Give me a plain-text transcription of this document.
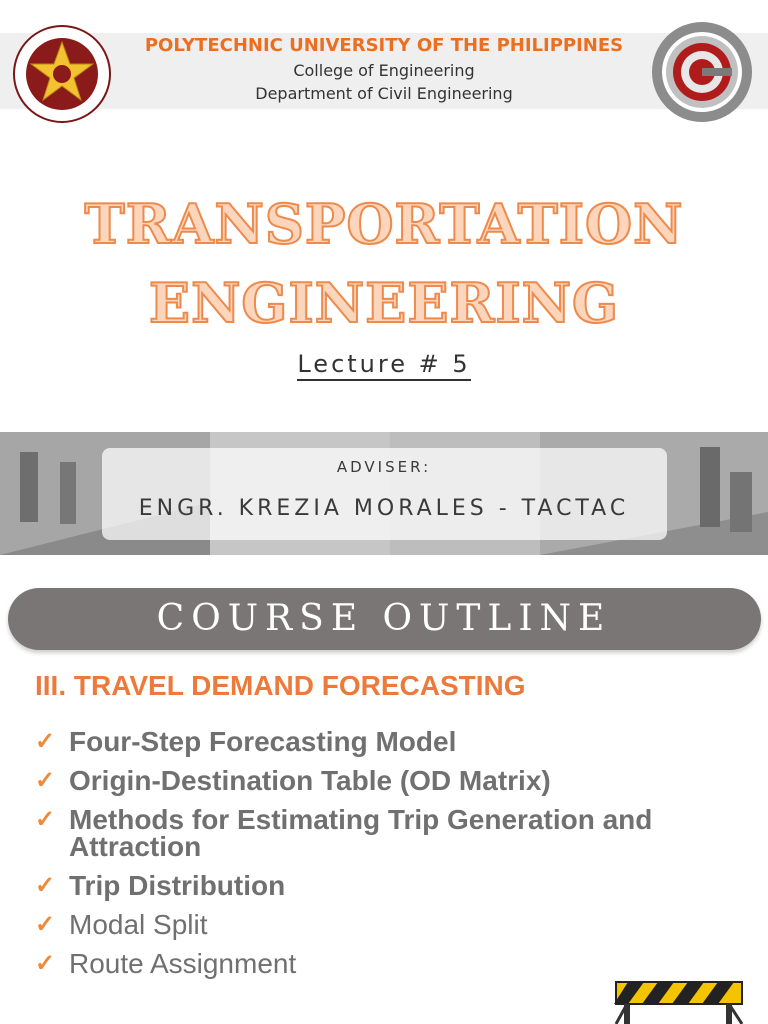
POLYTECHNIC UNIVERSITY OF THE PHILIPPINES
College of Engineering
Department of Civil Engineering
TRANSPORTATION
ENGINEERING
Lecture # 5
ADVISER:
ENGR. KREZIA MORALES - TACTAC
COURSE OUTLINE
III. TRAVEL DEMAND FORECASTING
✓ Four-Step Forecasting Model
✓ Origin-Destination Table (OD Matrix)
✓ Methods for Estimating Trip Generation and Attraction
✓ Trip Distribution
✓ Modal Split
✓ Route Assignment
